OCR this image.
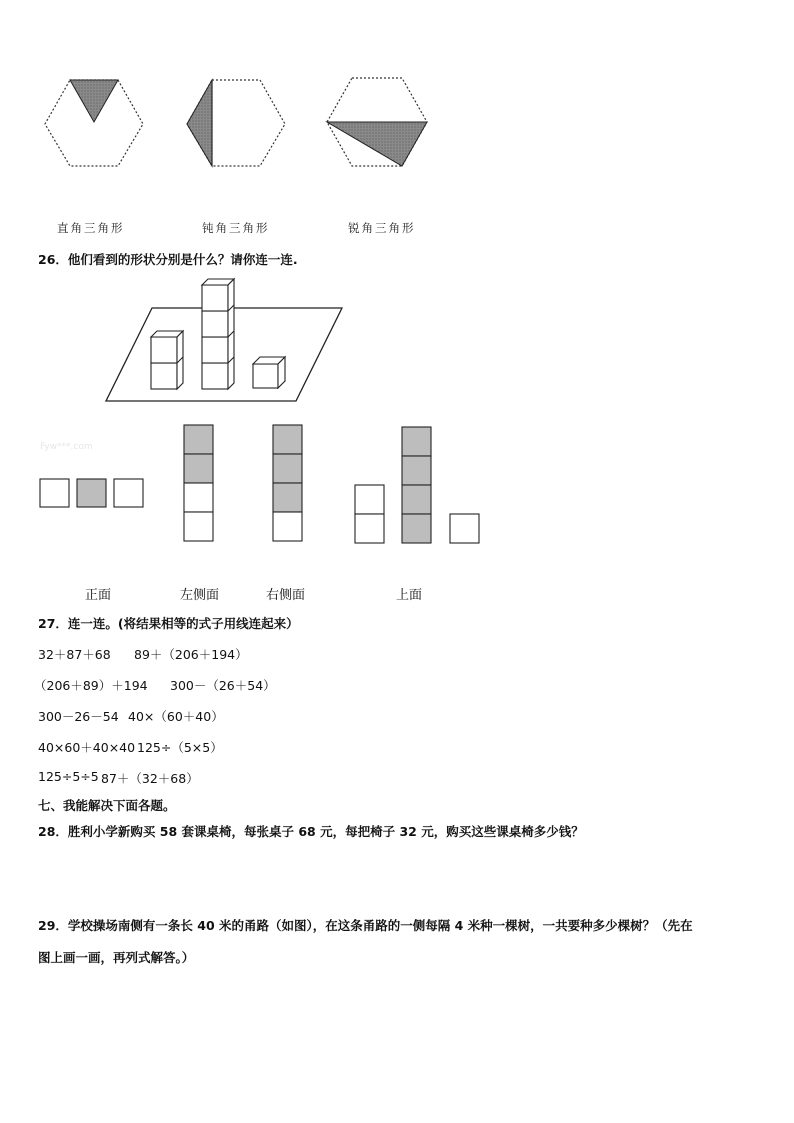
直角三角形	钝角三角形	锐角三角形
26．他们看到的形状分别是什么？请你连一连.
Fyw***.com
正面	左侧面	右侧面	上面
27．连一连。(将结果相等的式子用线连起来）
32＋87＋68 89＋（206＋194）
（206＋89）＋194 300－（26＋54）
300－26－54 40×（60＋40）
40×60＋40×40 125÷（5×5）
125÷5÷5 87＋（32＋68）
七、我能解决下面各题。
28．胜利小学新购买 58 套课桌椅，每张桌子 68 元，每把椅子 32 元，购买这些课桌椅多少钱？
29．学校操场南侧有一条长 40 米的甬路（如图），在这条甬路的一侧每隔 4 米种一棵树，一共要种多少棵树？（先在
图上画一画，再列式解答。）
